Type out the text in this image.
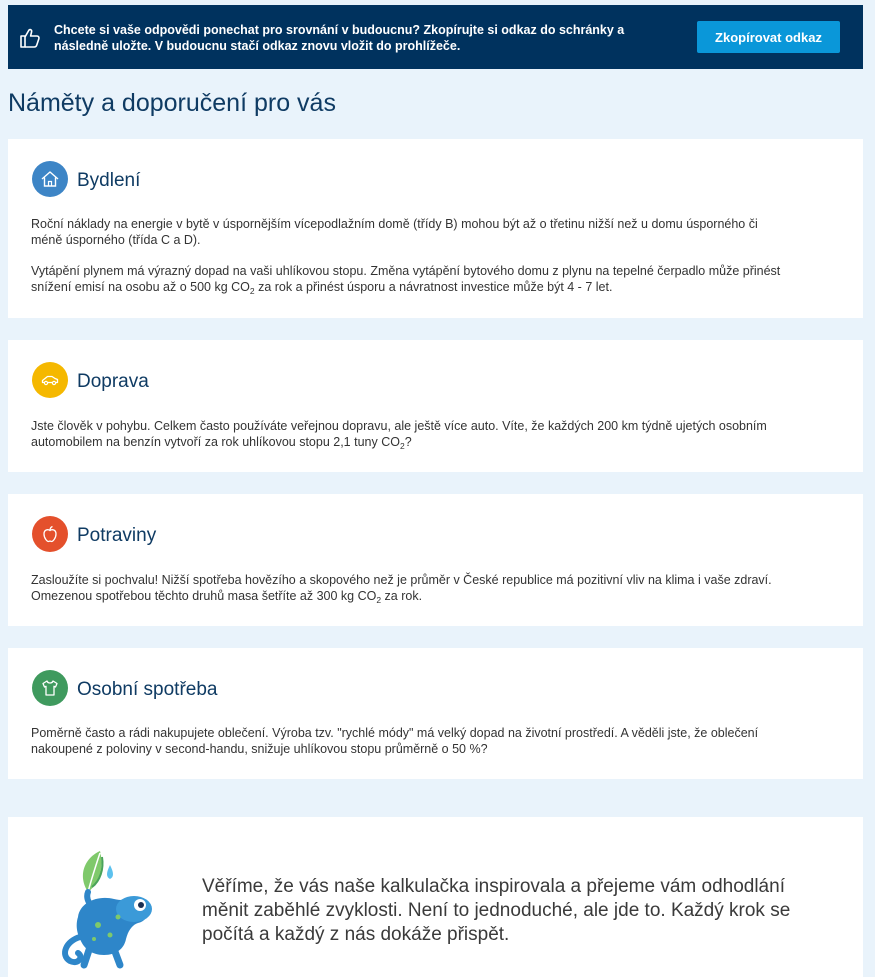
Chcete si vaše odpovědi ponechat pro srovnání v budoucnu? Zkopírujte si odkaz do schránky a
následně uložte. V budoucnu stačí odkaz znovu vložit do prohlížeče.
Zkopírovat odkaz
Náměty a doporučení pro vás
Bydlení

Roční náklady na energie v bytě v úspornějším vícepodlažním domě (třídy B) mohou být až o třetinu nižší než u domu úsporného či
méně úsporného (třída C a D).

Vytápění plynem má výrazný dopad na vaši uhlíkovou stopu. Změna vytápění bytového domu z plynu na tepelné čerpadlo může přinést
snížení emisí na osobu až o 500 kg $CO_2$ za rok a přinést úsporu a návratnost investice může být 4 - 7 let.

Doprava

Jste člověk v pohybu. Celkem často používáte veřejnou dopravu, ale ještě více auto. Víte, že každých 200 km týdně ujetých osobním
automobilem na benzín vytvoří za rok uhlíkovou stopu 2,1 tuny $CO_2$?

Potraviny

Zasloužíte si pochvalu! Nižší spotřeba hovězího a skopového než je průměr v České republice má pozitivní vliv na klima i vaše zdraví.
Omezenou spotřebou těchto druhů masa šetříte až 300 kg $CO_2$ za rok.

Osobní spotřeba

Poměrně často a rádi nakupujete oblečení. Výroba tzv. "rychlé módy" má velký dopad na životní prostředí. A věděli jste, že oblečení
nakoupené z poloviny v second-handu, snižuje uhlíkovou stopu průměrně o 50 %?

Věříme, že vás naše kalkulačka inspirovala a přejeme vám odhodlání
měnit zaběhlé zvyklosti. Není to jednoduché, ale jde to. Každý krok se
počítá a každý z nás dokáže přispět.
